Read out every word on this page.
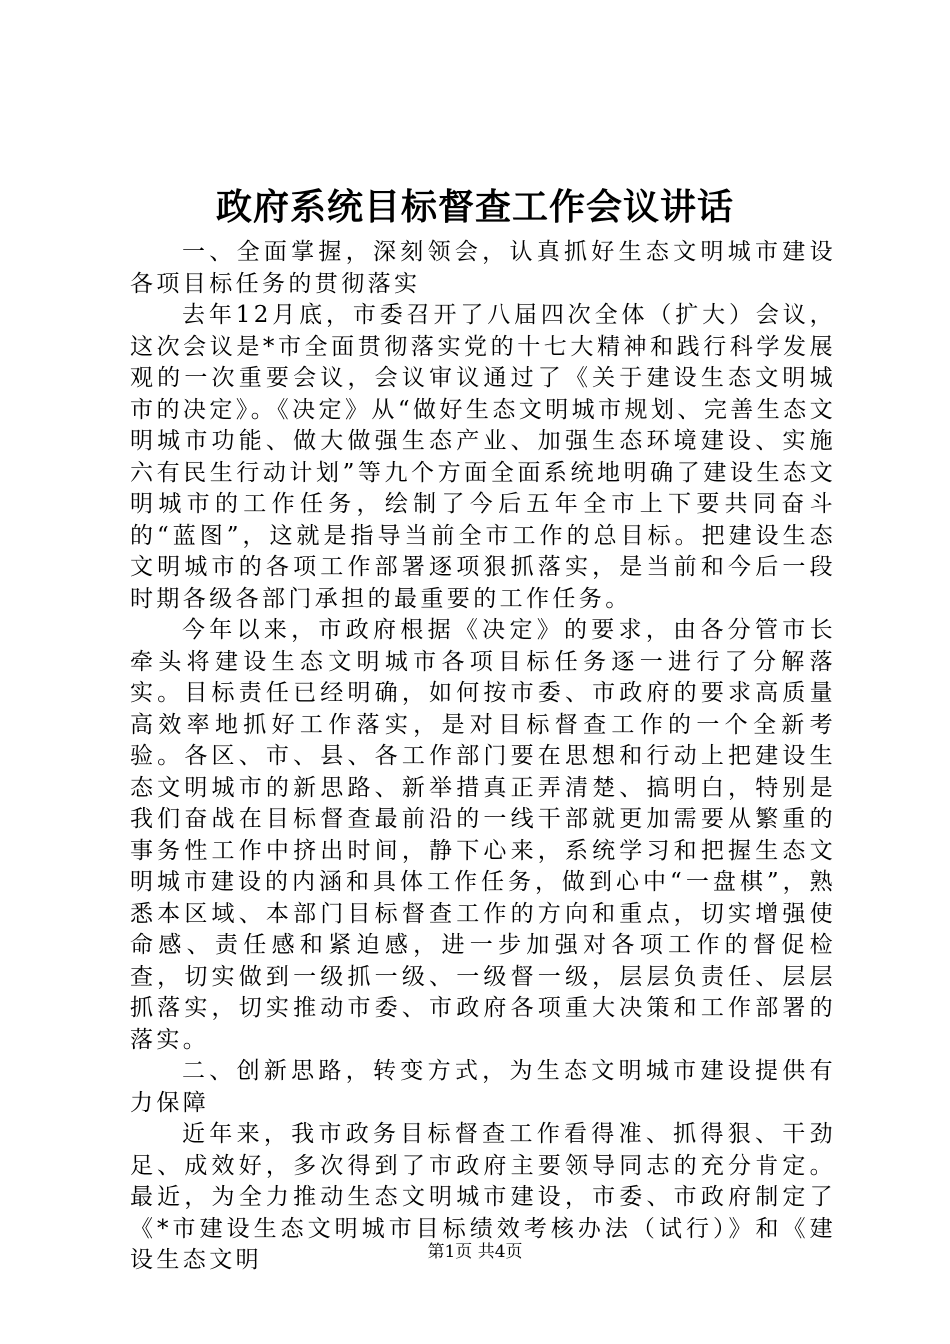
政府系统目标督查工作会议讲话

一、全面掌握，深刻领会，认真抓好生态文明城市建设各项目标任务的贯彻落实

去年12月底，市委召开了八届四次全体（扩大）会议，这次会议是*市全面贯彻落实党的十七大精神和践行科学发展观的一次重要会议，会议审议通过了《关于建设生态文明城市的决定》。《决定》从“做好生态文明城市规划、完善生态文明城市功能、做大做强生态产业、加强生态环境建设、实施六有民生行动计划”等九个方面全面系统地明确了建设生态文明城市的工作任务，绘制了今后五年全市上下要共同奋斗的“蓝图”，这就是指导当前全市工作的总目标。把建设生态文明城市的各项工作部署逐项狠抓落实，是当前和今后一段时期各级各部门承担的最重要的工作任务。

今年以来，市政府根据《决定》的要求，由各分管市长牵头将建设生态文明城市各项目标任务逐一进行了分解落实。目标责任已经明确，如何按市委、市政府的要求高质量高效率地抓好工作落实，是对目标督查工作的一个全新考验。各区、市、县、各工作部门要在思想和行动上把建设生态文明城市的新思路、新举措真正弄清楚、搞明白，特别是我们奋战在目标督查最前沿的一线干部就更加需要从繁重的事务性工作中挤出时间，静下心来，系统学习和把握生态文明城市建设的内涵和具体工作任务，做到心中“一盘棋”，熟悉本区域、本部门目标督查工作的方向和重点，切实增强使命感、责任感和紧迫感，进一步加强对各项工作的督促检查，切实做到一级抓一级、一级督一级，层层负责任、层层抓落实，切实推动市委、市政府各项重大决策和工作部署的落实。

二、创新思路，转变方式，为生态文明城市建设提供有力保障

近年来，我市政务目标督查工作看得准、抓得狠、干劲足、成效好，多次得到了市政府主要领导同志的充分肯定。最近，为全力推动生态文明城市建设，市委、市政府制定了《*市建设生态文明城市目标绩效考核办法（试行）》和《建设生态文明	第1页 共4页
